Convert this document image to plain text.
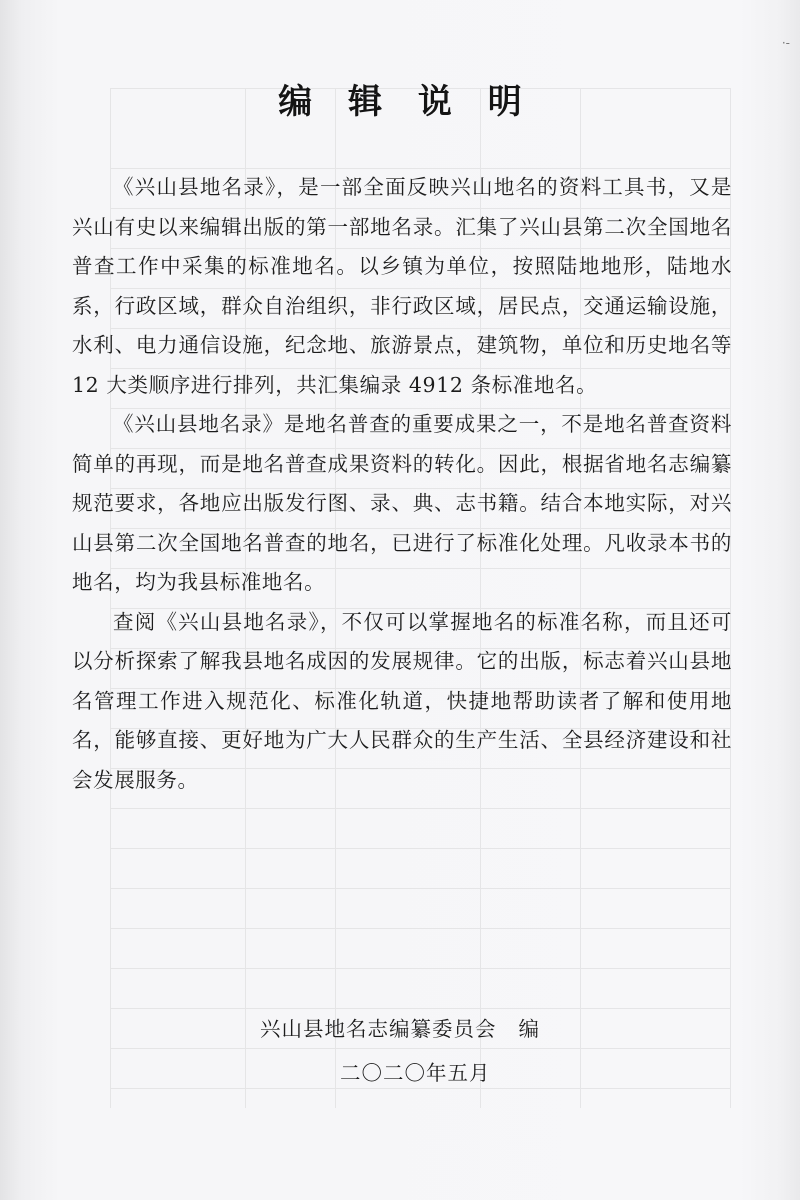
·-
编 辑 说 明

《兴山县地名录》，是一部全面反映兴山地名的资料工具书，又是兴山有史以来编辑出版的第一部地名录。汇集了兴山县第二次全国地名普查工作中采集的标准地名。以乡镇为单位，按照陆地地形，陆地水系，行政区域，群众自治组织，非行政区域，居民点，交通运输设施，水利、电力通信设施，纪念地、旅游景点，建筑物，单位和历史地名等 12 大类顺序进行排列，共汇集编录 4912 条标准地名。

《兴山县地名录》是地名普查的重要成果之一，不是地名普查资料简单的再现，而是地名普查成果资料的转化。因此，根据省地名志编纂规范要求，各地应出版发行图、录、典、志书籍。结合本地实际，对兴山县第二次全国地名普查的地名，已进行了标准化处理。凡收录本书的地名，均为我县标准地名。

查阅《兴山县地名录》，不仅可以掌握地名的标准名称，而且还可以分析探索了解我县地名成因的发展规律。它的出版，标志着兴山县地名管理工作进入规范化、标准化轨道，快捷地帮助读者了解和使用地名，能够直接、更好地为广大人民群众的生产生活、全县经济建设和社会发展服务。

兴山县地名志编纂委员会 编
二〇二〇年五月
